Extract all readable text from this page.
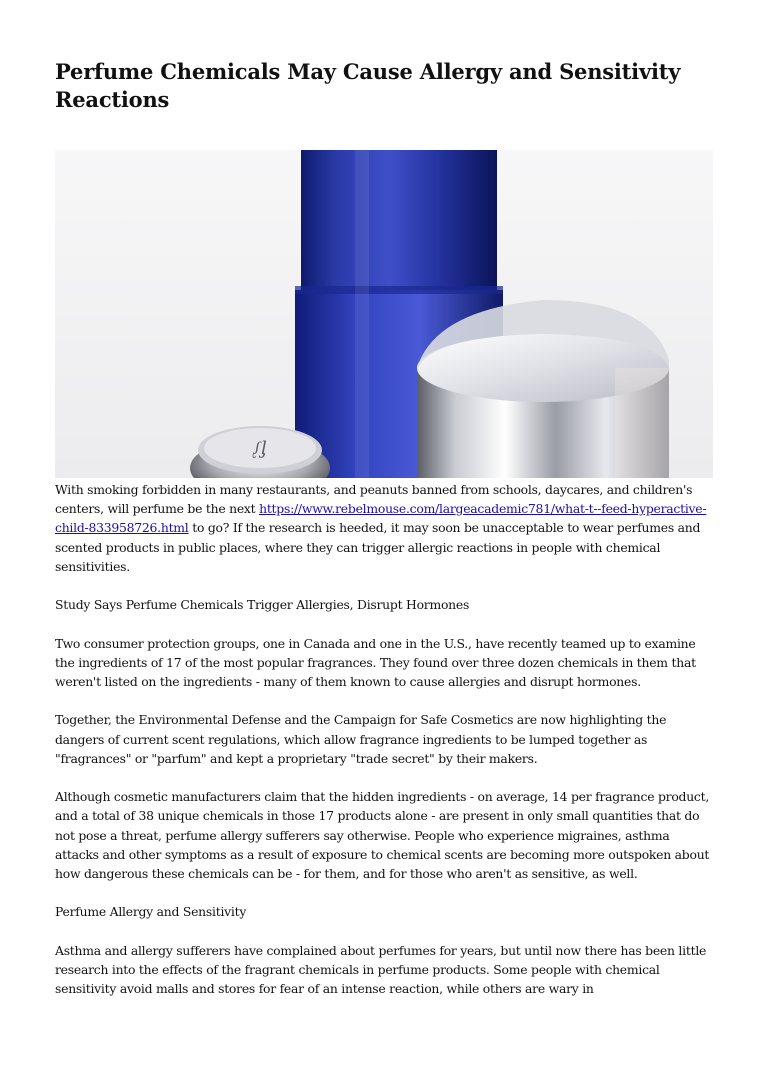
Perfume Chemicals May Cause Allergy and Sensitivity Reactions
ᶘᶅ

With smoking forbidden in many restaurants, and peanuts banned from schools, daycares, and children's centers, will perfume be the next https://www.rebelmouse.com/largeacademic781/what-t--feed-hyperactive-child-833958726.html to go? If the research is heeded, it may soon be unacceptable to wear perfumes and scented products in public places, where they can trigger allergic reactions in people with chemical sensitivities.

Study Says Perfume Chemicals Trigger Allergies, Disrupt Hormones

Two consumer protection groups, one in Canada and one in the U.S., have recently teamed up to examine the ingredients of 17 of the most popular fragrances. They found over three dozen chemicals in them that weren't listed on the ingredients - many of them known to cause allergies and disrupt hormones.

Together, the Environmental Defense and the Campaign for Safe Cosmetics are now highlighting the dangers of current scent regulations, which allow fragrance ingredients to be lumped together as "fragrances" or "parfum" and kept a proprietary "trade secret" by their makers.

Although cosmetic manufacturers claim that the hidden ingredients - on average, 14 per fragrance product, and a total of 38 unique chemicals in those 17 products alone - are present in only small quantities that do not pose a threat, perfume allergy sufferers say otherwise. People who experience migraines, asthma attacks and other symptoms as a result of exposure to chemical scents are becoming more outspoken about how dangerous these chemicals can be - for them, and for those who aren't as sensitive, as well.

Perfume Allergy and Sensitivity

Asthma and allergy sufferers have complained about perfumes for years, but until now there has been little research into the effects of the fragrant chemicals in perfume products. Some people with chemical sensitivity avoid malls and stores for fear of an intense reaction, while others are wary in
